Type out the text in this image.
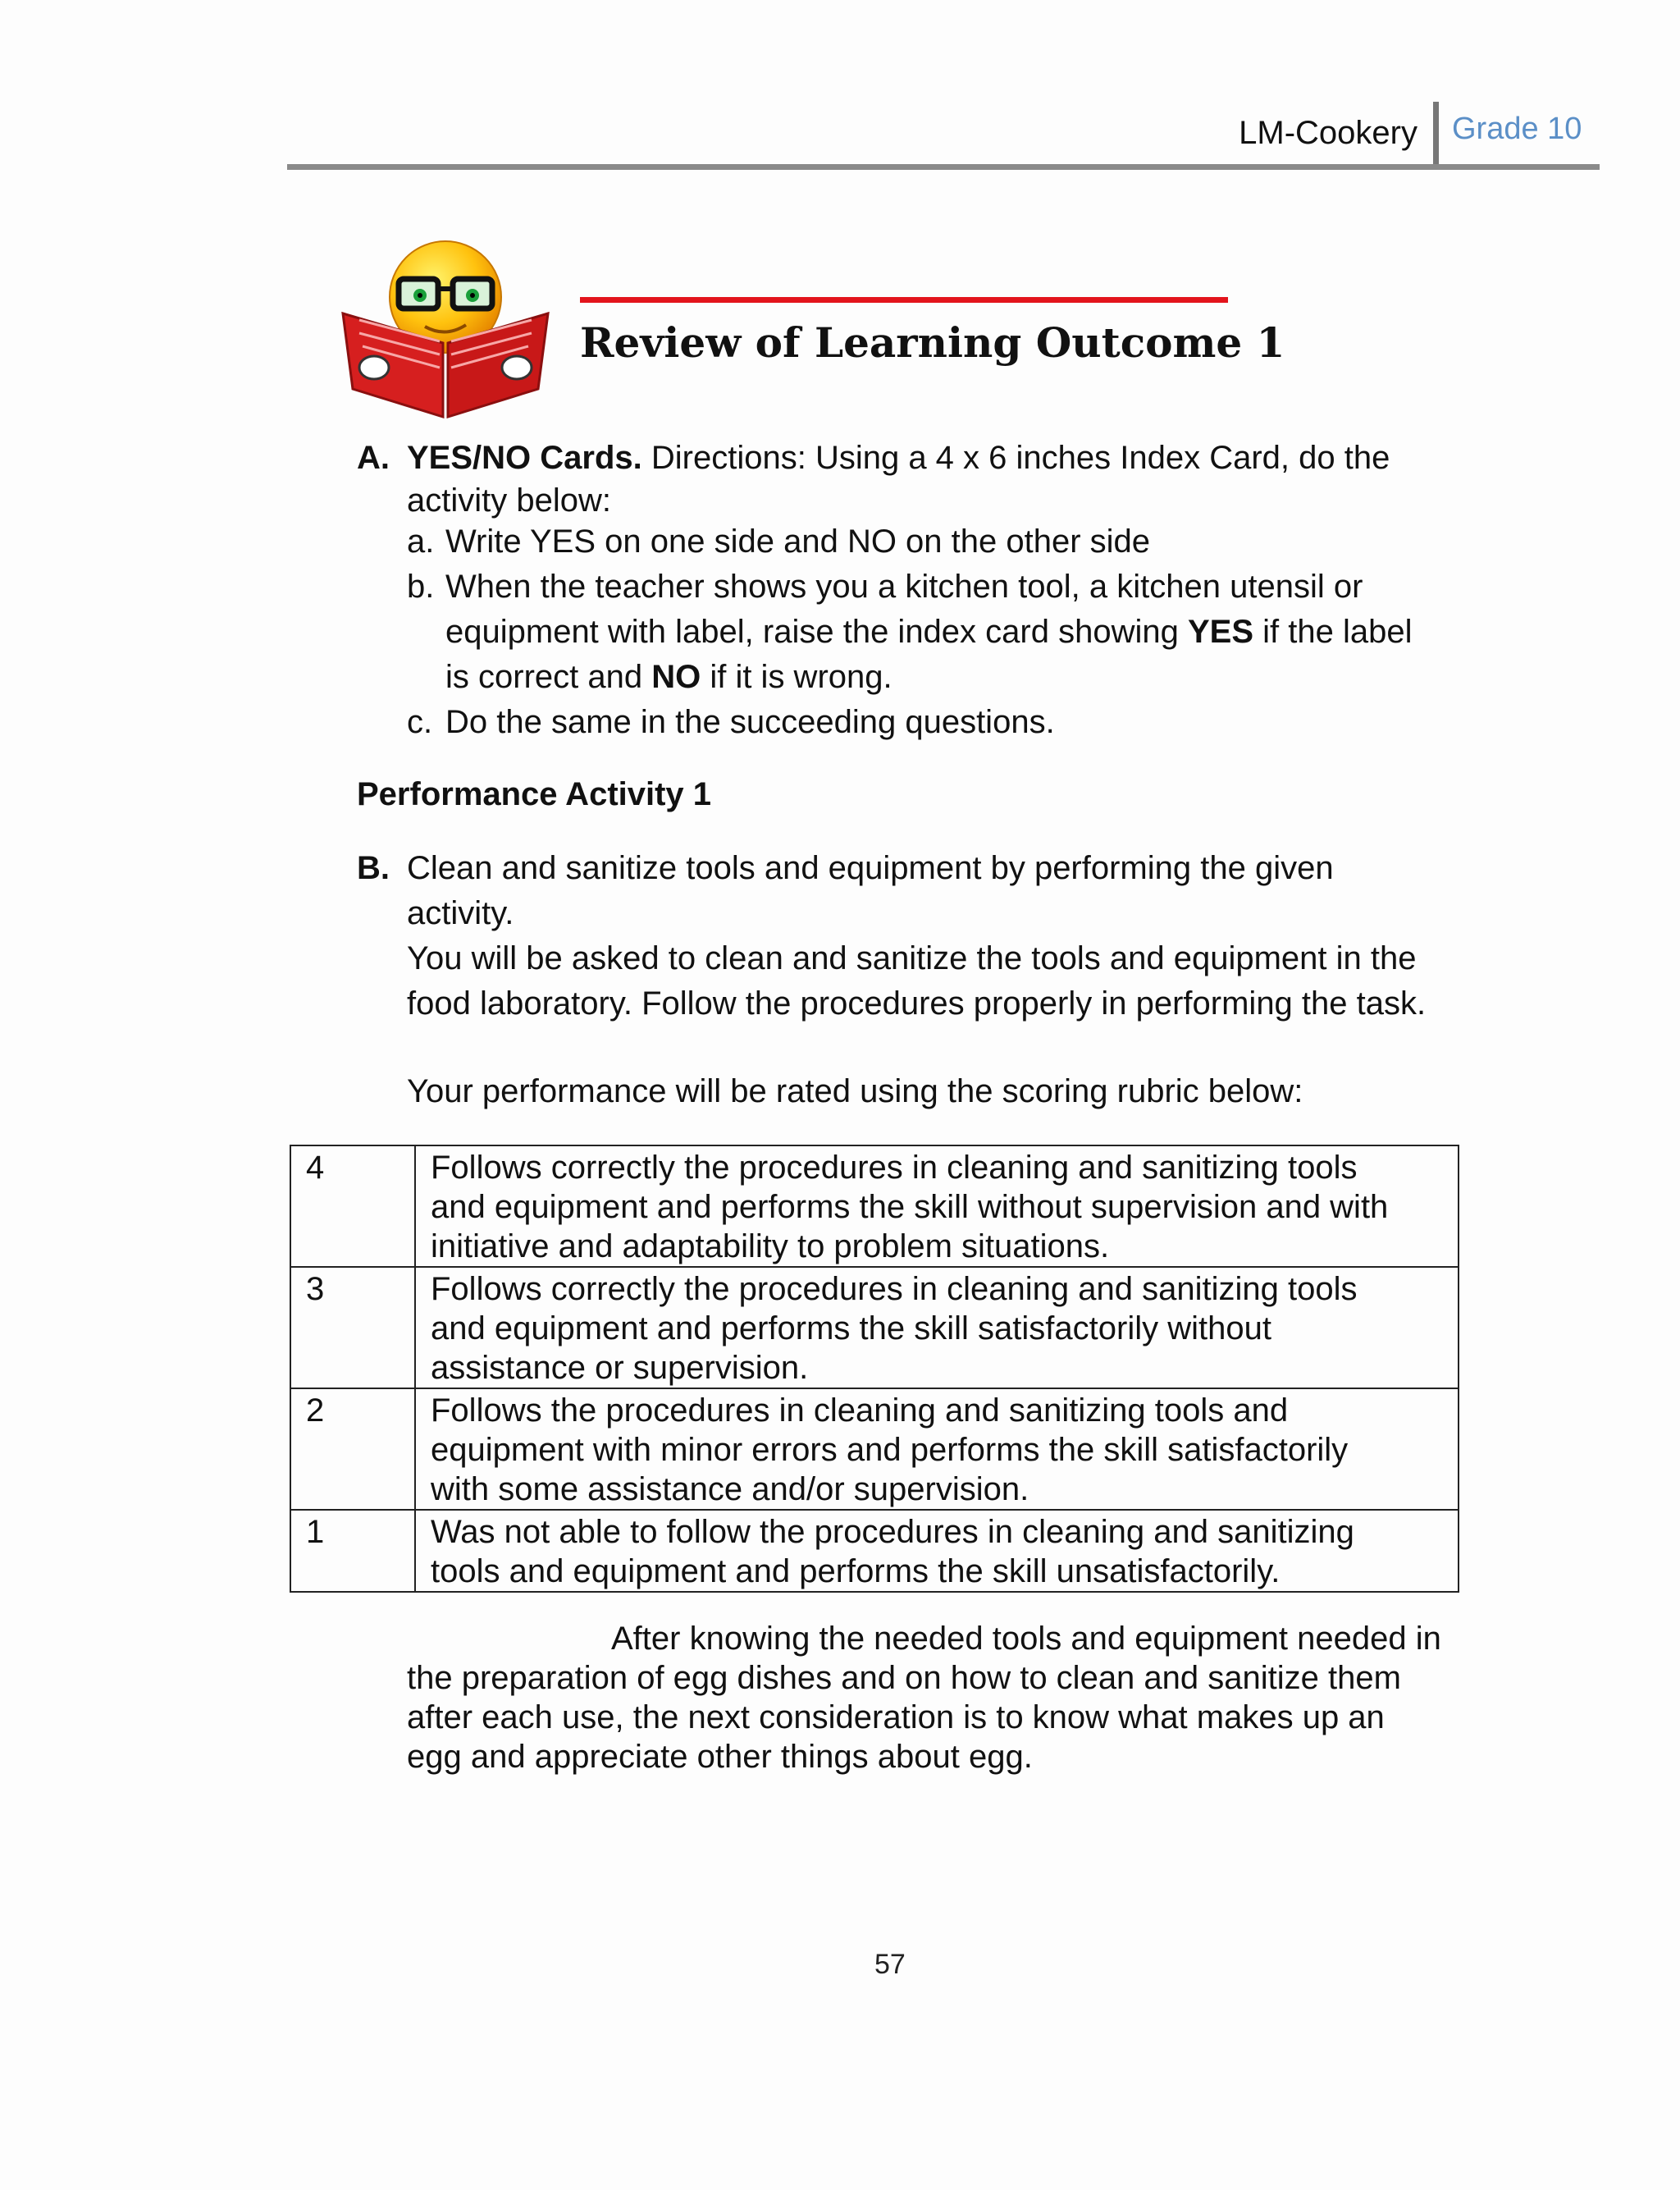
LM-Cookery Grade 10
Review of Learning Outcome 1
A. YES/NO Cards. Directions: Using a 4 x 6 inches Index Card, do the
activity below:
a. Write YES on one side and NO on the other side
b. When the teacher shows you a kitchen tool, a kitchen utensil or
equipment with label, raise the index card showing YES if the label
is correct and NO if it is wrong.
c. Do the same in the succeeding questions.
Performance Activity 1
B. Clean and sanitize tools and equipment by performing the given
activity.
You will be asked to clean and sanitize the tools and equipment in the
food laboratory. Follow the procedures properly in performing the task.
Your performance will be rated using the scoring rubric below:
4	Follows correctly the procedures in cleaning and sanitizing tools
and equipment and performs the skill without supervision and with
initiative and adaptability to problem situations.

3	Follows correctly the procedures in cleaning and sanitizing tools
and equipment and performs the skill satisfactorily without
assistance or supervision.

2	Follows the procedures in cleaning and sanitizing tools and
equipment with minor errors and performs the skill satisfactorily
with some assistance and/or supervision.

1	Was not able to follow the procedures in cleaning and sanitizing
tools and equipment and performs the skill unsatisfactorily.
After knowing the needed tools and equipment needed in
the preparation of egg dishes and on how to clean and sanitize them
after each use, the next consideration is to know what makes up an
egg and appreciate other things about egg.
57
